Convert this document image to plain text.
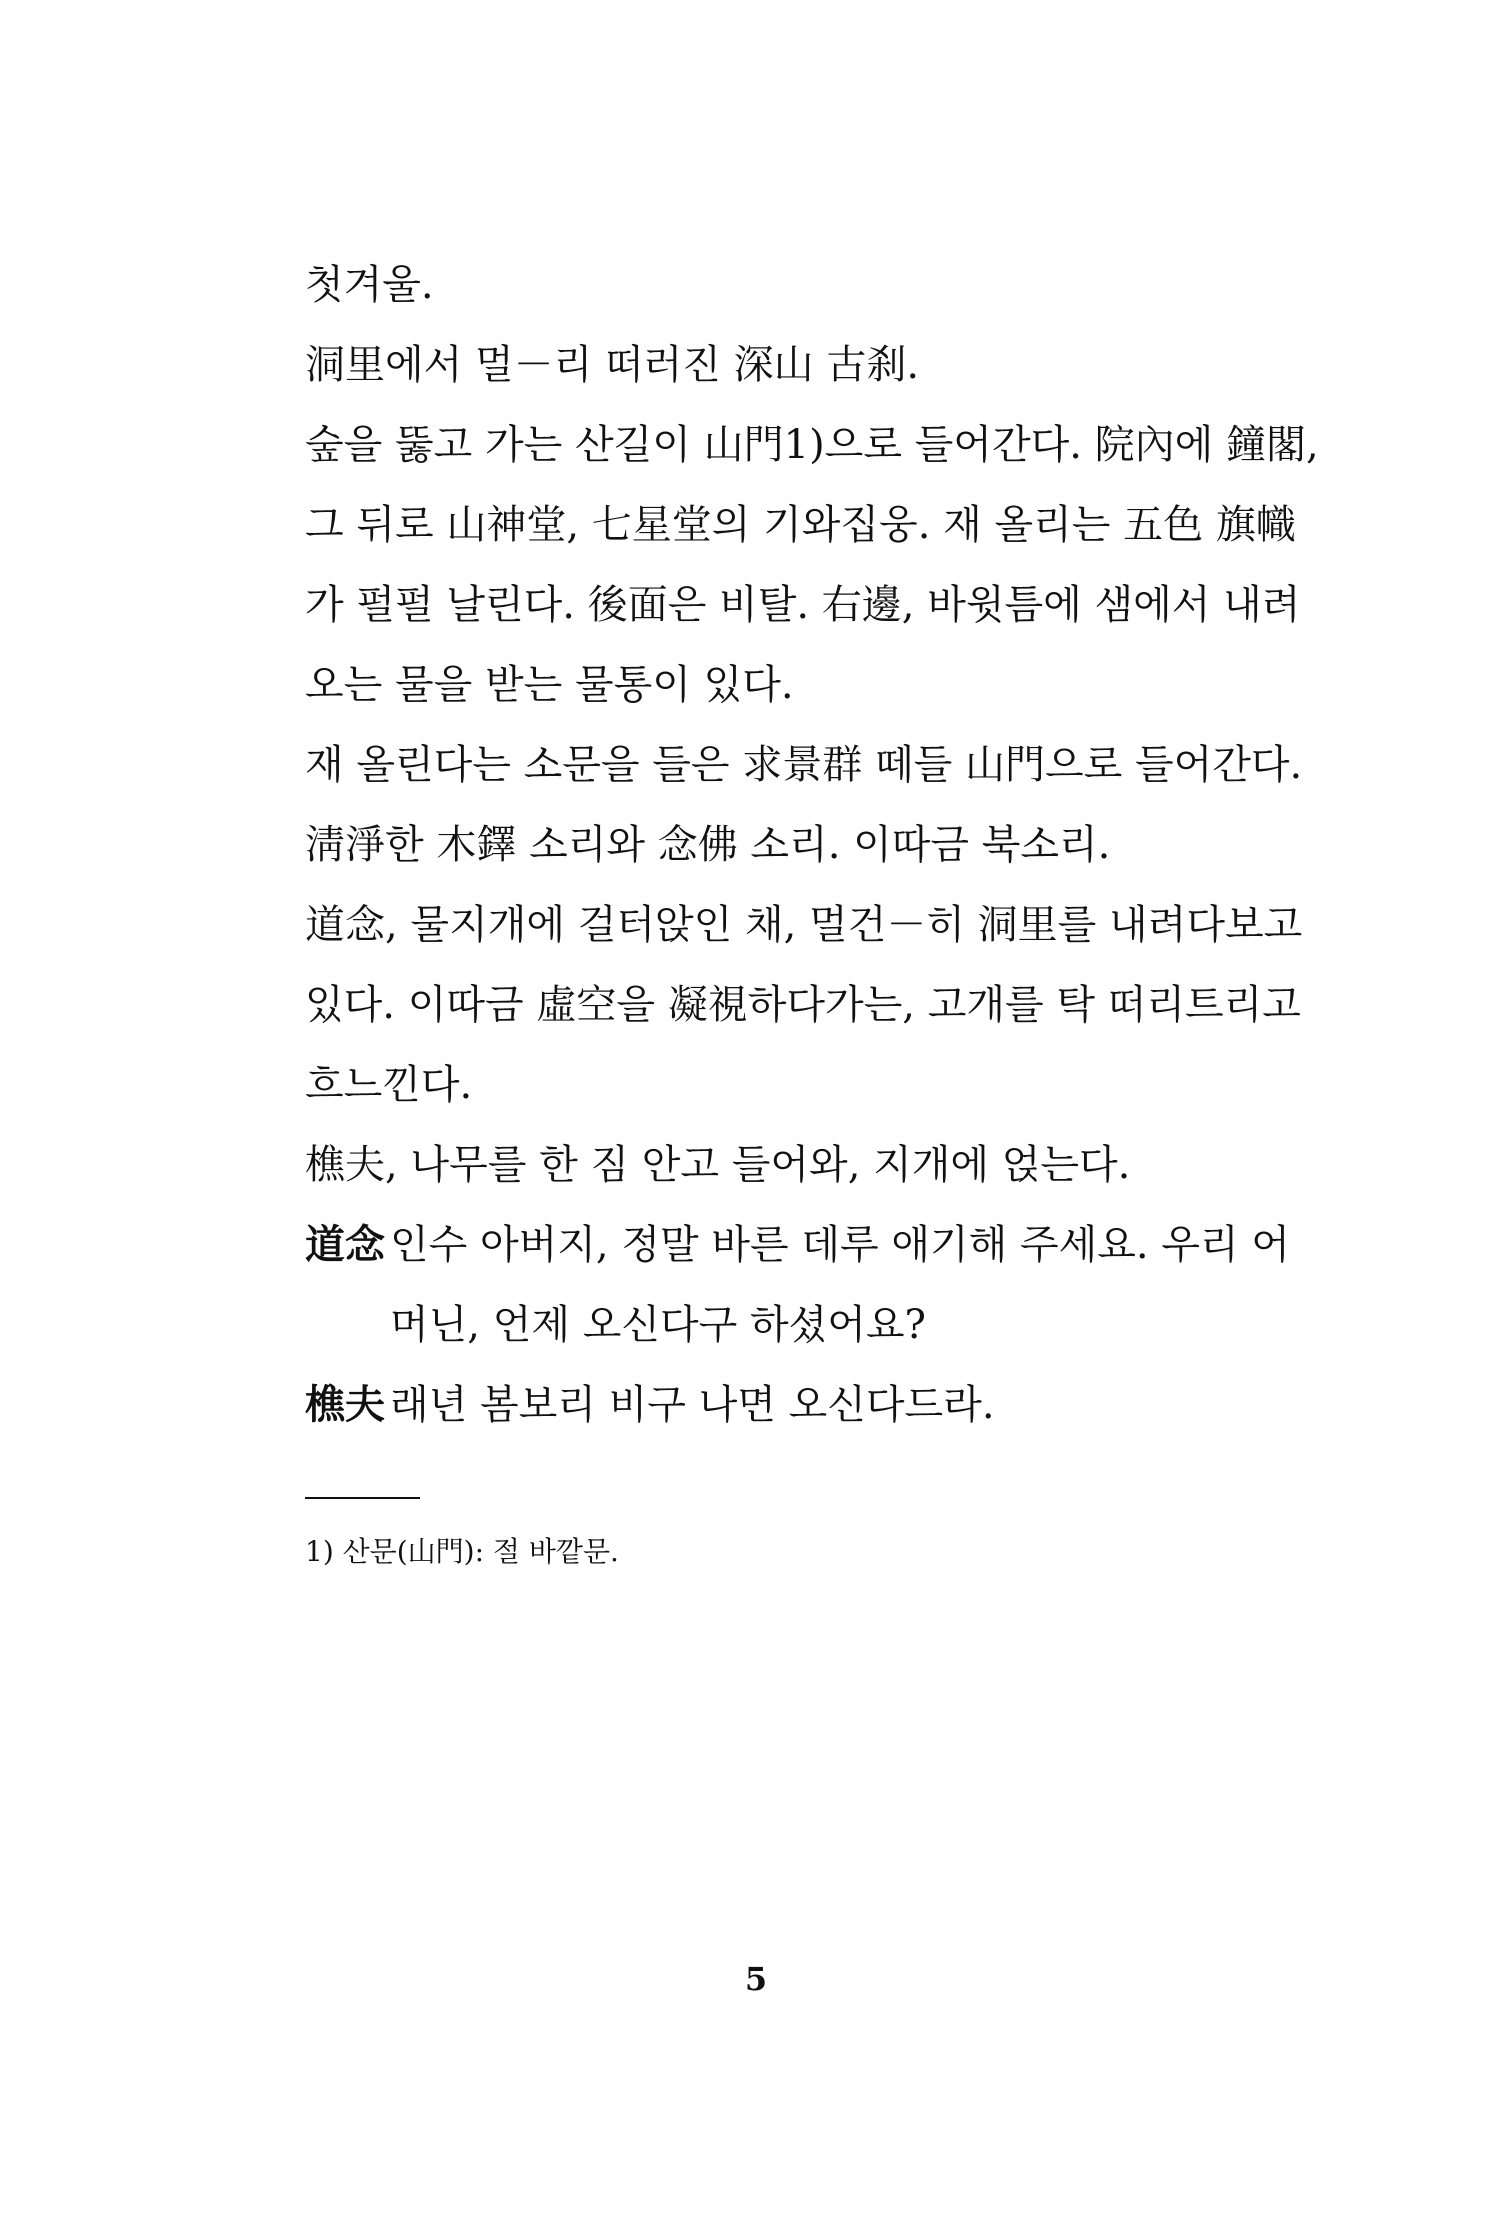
첫겨울.

洞里에서 멀－리 떠러진 深山 古刹.

숲을 뚫고 가는 산길이 山門1)으로 들어간다. 院內에 鐘閣,

그 뒤로 山神堂, 七星堂의 기와집웅. 재 올리는 五色 旗幟

가 펄펄 날린다. 後面은 비탈. 右邊, 바윗틈에 샘에서 내려

오는 물을 받는 물통이 있다.

재 올린다는 소문을 들은 求景群 떼들 山門으로 들어간다.

淸淨한 木鐸 소리와 念佛 소리. 이따금 북소리.

道念, 물지개에 걸터앉인 채, 멀건－히 洞里를 내려다보고

있다. 이따금 虛空을 凝視하다가는, 고개를 탁 떠리트리고

흐느낀다.

樵夫, 나무를 한 짐 안고 들어와, 지개에 얹는다.

道念 인수 아버지, 정말 바른 데루 애기해 주세요. 우리 어
머닌, 언제 오신다구 하셨어요?
樵夫 래년 봄보리 비구 나면 오신다드라.
1) 산문(山門): 절 바깥문.
5
